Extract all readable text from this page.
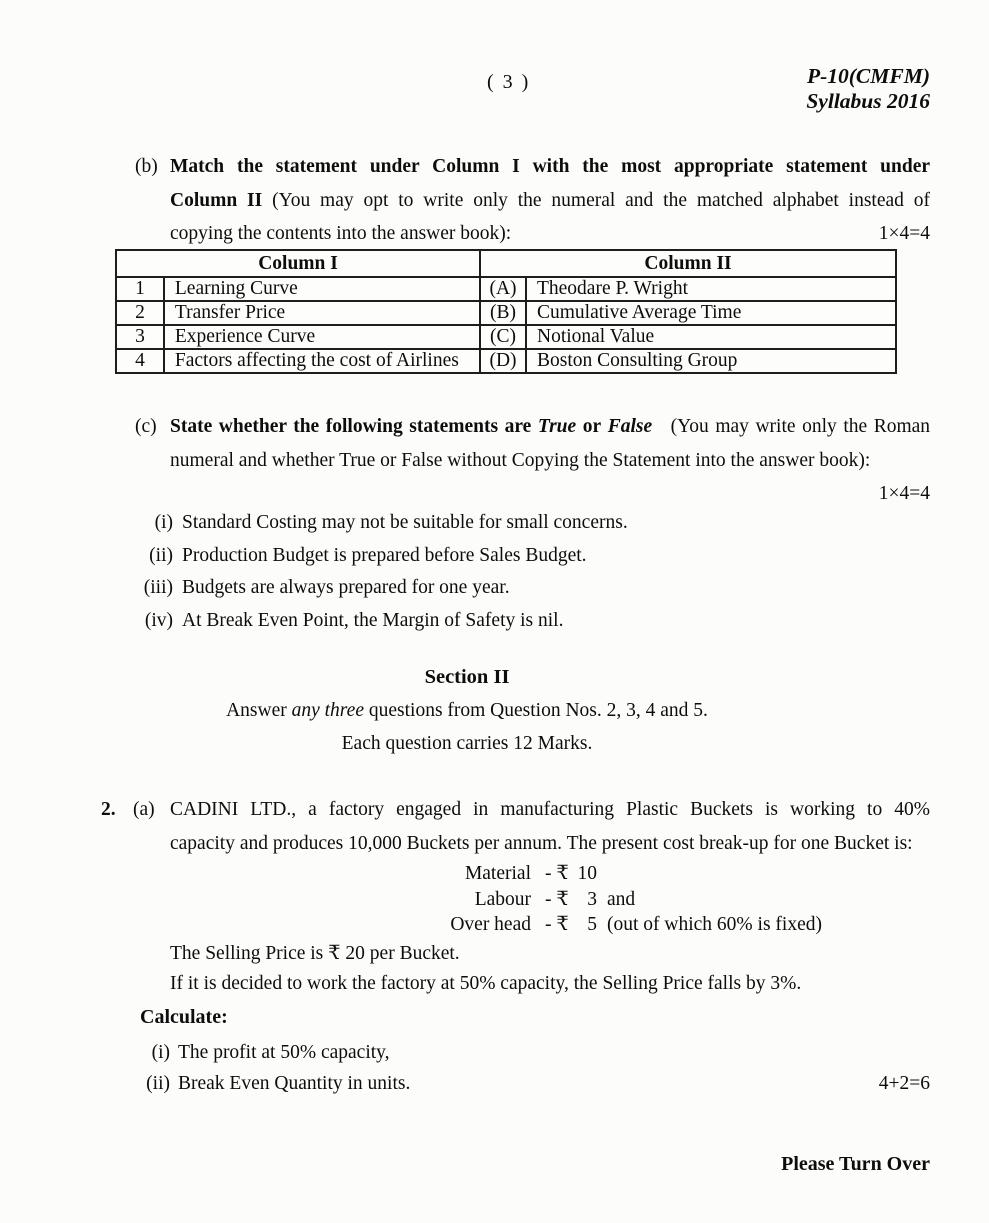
( 3 )	P-10(CMFM)
Syllabus 2016
(b) Match the statement under Column I with the most appropriate statement under
Column II (You may opt to write only the numeral and the matched alphabet instead of
copying the contents into the answer book):	1×4=4
Column I		Column II	
1	Learning Curve	(A)	Theodare P. Wright
2	Transfer Price	(B)	Cumulative Average Time
3	Experience Curve	(C)	Notional Value
4	Factors affecting the cost of Airlines	(D)	Boston Consulting Group
(c) State whether the following statements are True or False (You may write only the Roman
numeral and whether True or False without Copying the Statement into the answer book):
1×4=4
(i) Standard Costing may not be suitable for small concerns.
(ii) Production Budget is prepared before Sales Budget.
(iii) Budgets are always prepared for one year.
(iv) At Break Even Point, the Margin of Safety is nil.
Section II
Answer any three questions from Question Nos. 2, 3, 4 and 5.
Each question carries 12 Marks.
2. (a) CADINI LTD., a factory engaged in manufacturing Plastic Buckets is working to 40%
capacity and produces 10,000 Buckets per annum. The present cost break-up for one Bucket is:
Material - ₹ 10
Labour - ₹ 3 and
Over head - ₹ 5 (out of which 60% is fixed)
The Selling Price is ₹ 20 per Bucket.
If it is decided to work the factory at 50% capacity, the Selling Price falls by 3%.
Calculate:
(i) The profit at 50% capacity,
(ii) Break Even Quantity in units.	4+2=6
Please Turn Over
